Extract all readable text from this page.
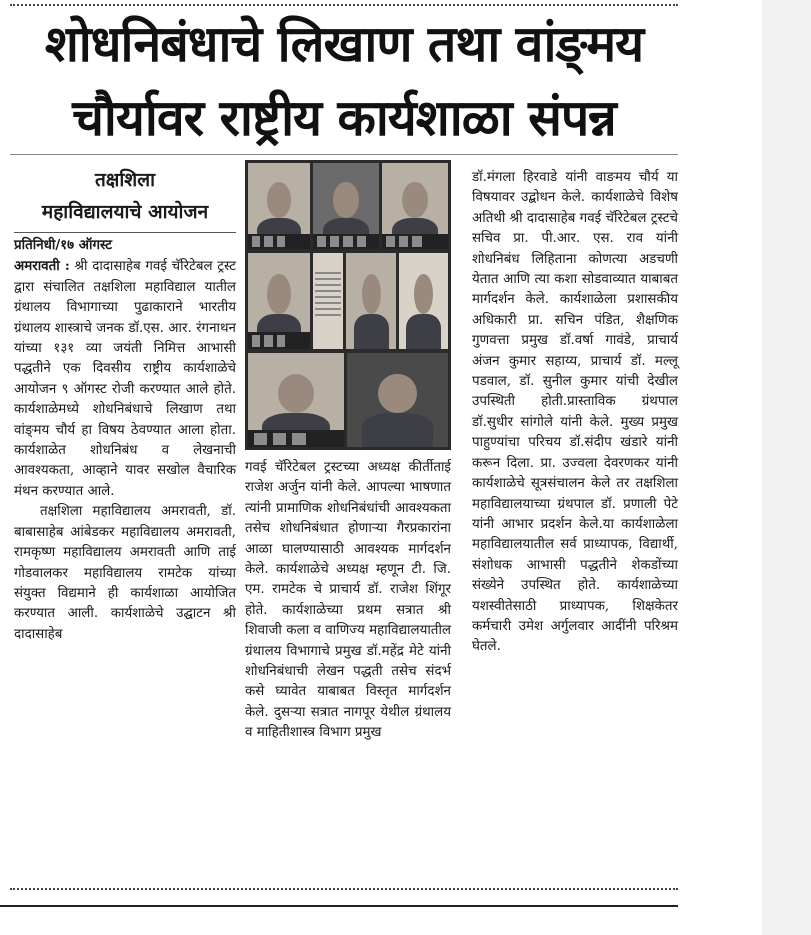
शोधनिबंधाचे लिखाण तथा वांङ्‌मय
चौर्यावर राष्ट्रीय कार्यशाळा संपन्न
तक्षशिला
महाविद्यालयाचे आयोजन

प्रतिनिधी/१७ ऑगस्ट

अमरावती : श्री दादासाहेब गवई चॅरिटेबल ट्रस्ट द्वारा संचालित तक्षशिला महाविद्याल यातील ग्रंथालय विभागाच्या पुढाकाराने भारतीय ग्रंथालय शास्त्राचे जनक डॉ.एस. आर. रंगनाथन यांच्या १३१ व्या जयंती निमित्त आभासी पद्धतीने एक दिवसीय राष्ट्रीय कार्यशाळेचे आयोजन ९ ऑगस्ट रोजी करण्यात आले होते. कार्यशाळेमध्ये शोधनिबंधाचे लिखाण तथा वांङ्‌मय चौर्य हा विषय ठेवण्यात आला होता. कार्यशाळेत शोधनिबंध व लेखनाची आवश्यकता, आव्हाने यावर सखोल वैचारिक मंथन करण्यात आले.

तक्षशिला महाविद्यालय अमरावती, डॉ. बाबासाहेब आंबेडकर महाविद्यालय अमरावती, रामकृष्ण महाविद्यालय अमरावती आणि ताई गोडवालकर महाविद्यालय रामटेक यांच्या संयुक्त विद्यमाने ही कार्यशाळा आयोजित करण्यात आली. कार्यशाळेचे उद्घाटन श्री दादासाहेब

गवई चॅरिटेबल ट्रस्टच्या अध्यक्ष कीर्तीताई राजेश अर्जुन यांनी केले. आपल्या भाषणात त्यांनी प्रामाणिक शोधनिबंधांची आवश्यकता तसेच शोधनिबंधात होणाऱ्या गैरप्रकारांना आळा घालण्यासाठी आवश्यक मार्गदर्शन केले. कार्यशाळेचे अध्यक्ष म्हणून टी. जि. एम. रामटेक चे प्राचार्य डॉ. राजेश शिंगूर होते. कार्यशाळेच्या प्रथम सत्रात श्री शिवाजी कला व वाणिज्य महाविद्यालयातील ग्रंथालय विभागाचे प्रमुख डॉ.महेंद्र मेटे यांनी शोधनिबंधाची लेखन पद्धती तसेच संदर्भ कसे घ्यावेत याबाबत विस्तृत मार्गदर्शन केले. दुसऱ्या सत्रात नागपूर येथील ग्रंथालय व माहितीशास्त्र विभाग प्रमुख

डॉ.मंगला हिरवाडे यांनी वाङमय चौर्य या विषयावर उद्बोधन केले. कार्यशाळेचे विशेष अतिथी श्री दादासाहेब गवई चॅरिटेबल ट्रस्टचे सचिव प्रा. पी.आर. एस. राव यांनी शोधनिबंध लिहिताना कोणत्या अडचणी येतात आणि त्या कशा सोडवाव्यात याबाबत मार्गदर्शन केले. कार्यशाळेला प्रशासकीय अधिकारी प्रा. सचिन पंडित, शैक्षणिक गुणवत्ता प्रमुख डॉ.वर्षा गावंडे, प्राचार्य अंजन कुमार सहाय्य, प्राचार्य डॉ. मल्लू पडवाल, डॉ. सुनील कुमार यांची देखील उपस्थिती होती.प्रास्ताविक ग्रंथपाल डॉ.सुधीर सांगोले यांनी केले. मुख्य प्रमुख पाहुण्यांचा परिचय डॉ.संदीप खंडारे यांनी करून दिला. प्रा. उज्वला देवरणकर यांनी कार्यशाळेचे सूत्रसंचालन केले तर तक्षशिला महाविद्यालयाच्या ग्रंथपाल डॉ. प्रणाली पेटे यांनी आभार प्रदर्शन केले.या कार्यशाळेला महाविद्यालयातील सर्व प्राध्यापक, विद्यार्थी, संशोधक आभासी पद्धतीने शेकडोंच्या संख्येने उपस्थित होते. कार्यशाळेच्या यशस्वीतेसाठी प्राध्यापक, शिक्षकेतर कर्मचारी उमेश अर्गुलवार आदींनी परिश्रम घेतले.
